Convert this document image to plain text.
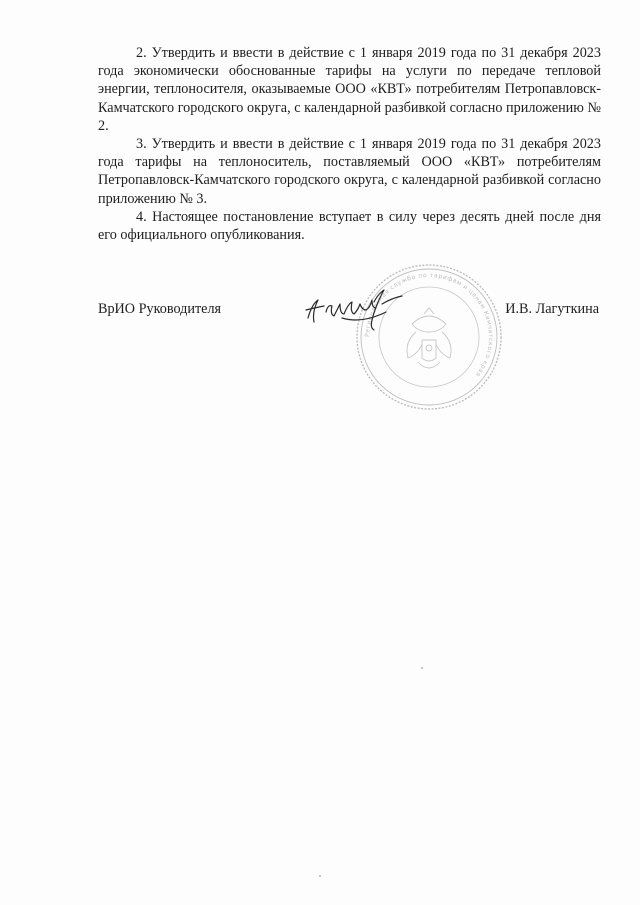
2. Утвердить и ввести в действие с 1 января 2019 года по 31 декабря 2023 года экономически обоснованные тарифы на услуги по передаче тепловой энергии, теплоносителя, оказываемые ООО «КВТ» потребителям Петропавловск-Камчатского городского округа, с календарной разбивкой согласно приложению № 2.

3. Утвердить и ввести в действие с 1 января 2019 года по 31 декабря 2023 года тарифы на теплоноситель, поставляемый ООО «КВТ» потребителям Петропавловск-Камчатского городского округа, с календарной разбивкой согласно приложению № 3.

4. Настоящее постановление вступает в силу через десять дней после дня его официального опубликования.

Региональная служба по тарифам и ценам Камчатского края
ВрИО Руководителя	И.В. Лагуткина
